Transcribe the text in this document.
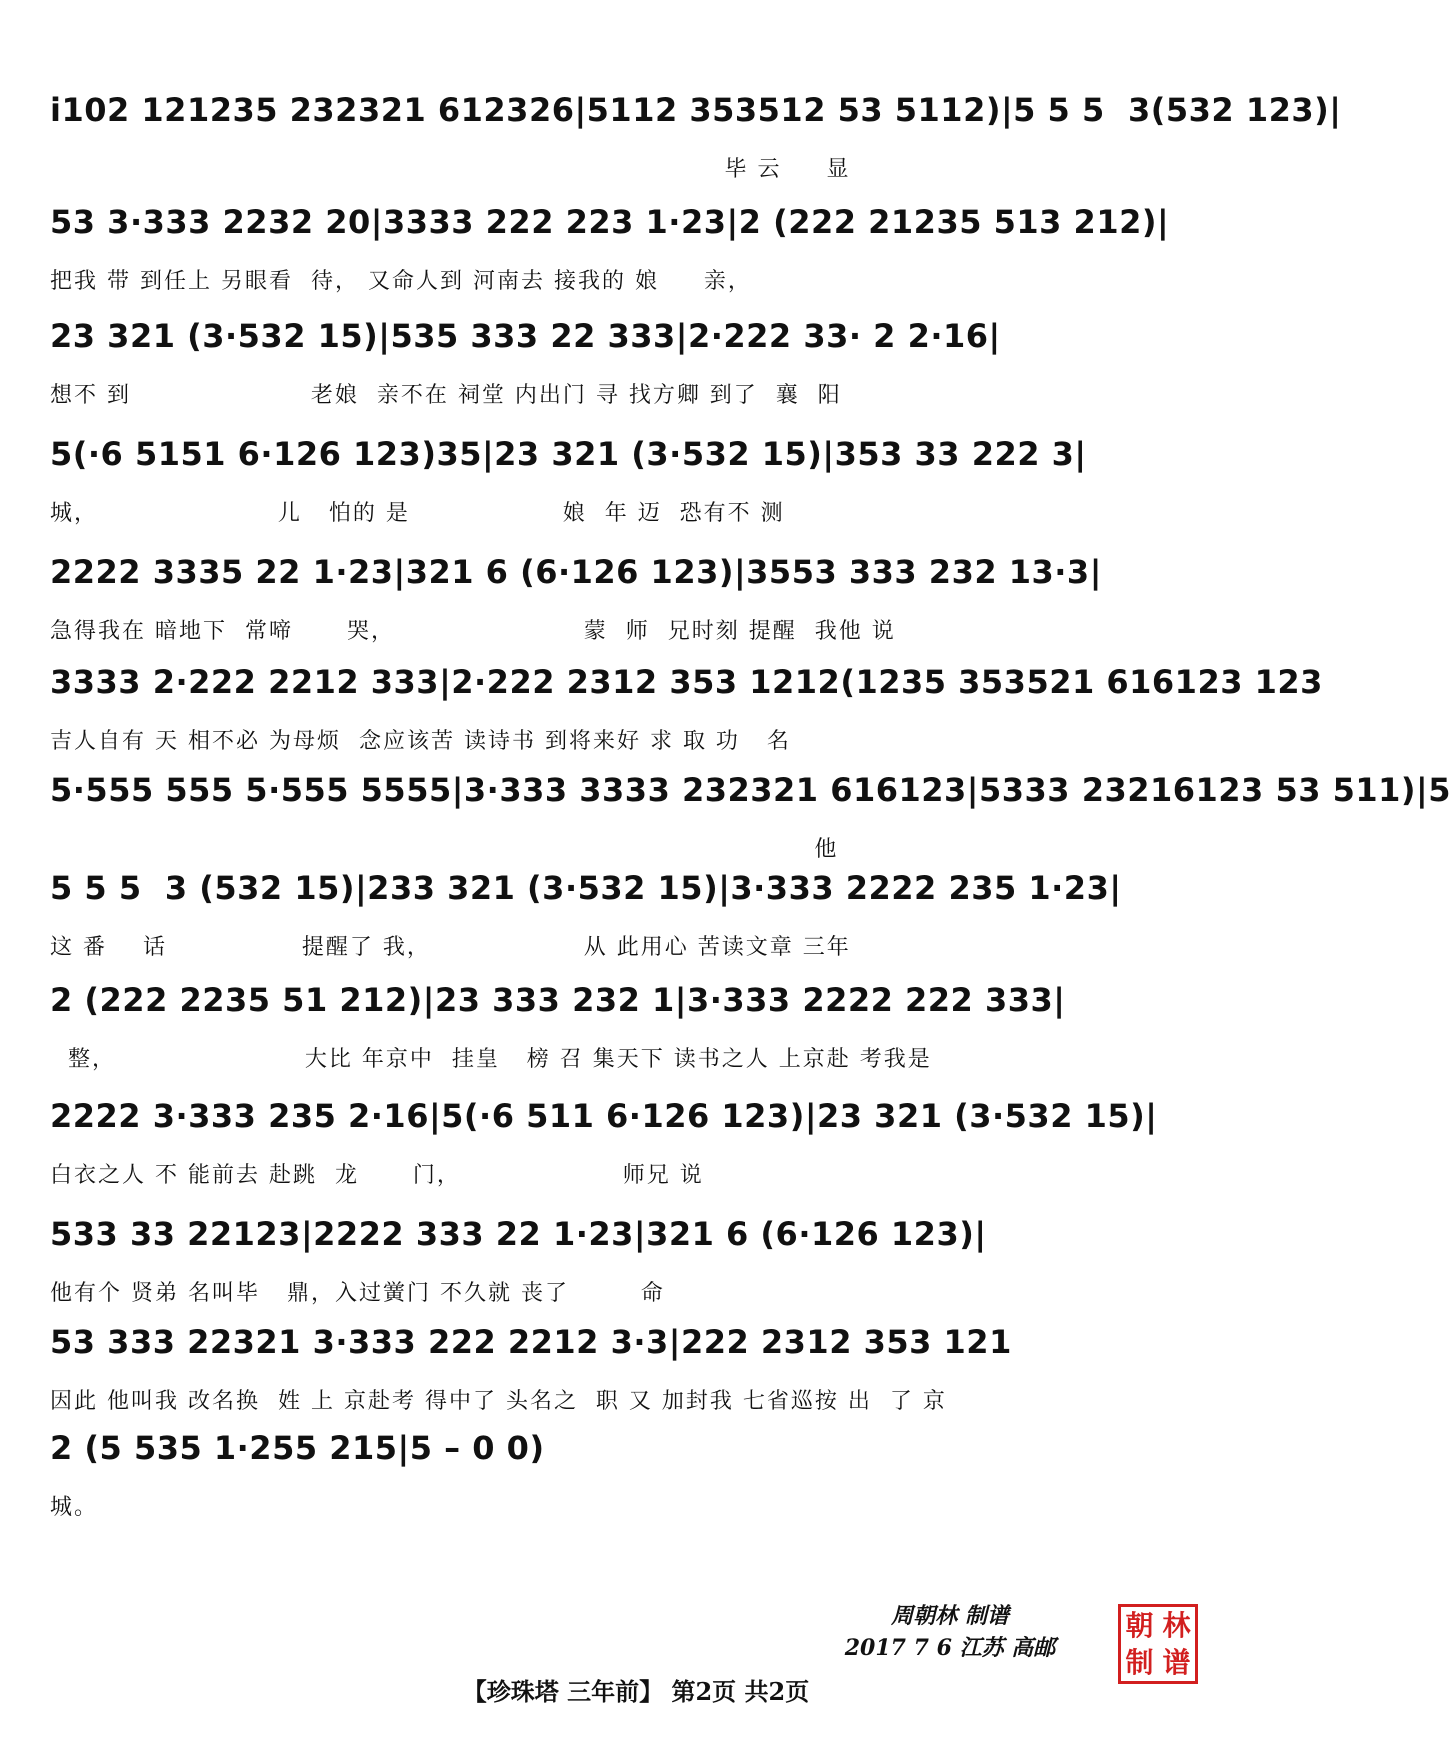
i102 121235 232321 612326|5112 353512 53 5112)|5 5 5  3(532 123)|
毕 云     显
53 3·333 2232 20|3333 222 223 1·23|2 (222 21235 513 212)|
把我 带 到任上 另眼看  待， 又命人到 河南去 接我的 娘     亲，
23 321 (3·532 15)|535 333 22 333|2·222 33· 2 2·16|
想不 到                    老娘  亲不在 祠堂 内出门 寻 找方卿 到了  襄  阳
5(·6 5151 6·126 123)35|23 321 (3·532 15)|353 33 222 3|
城，                    儿   怕的 是                 娘  年 迈  恐有不 测
2222 3335 22 1·23|321 6 (6·126 123)|3553 333 232 13·3|
急得我在 暗地下  常啼      哭，                     蒙  师  兄时刻 提醒  我他 说
3333 2·222 2212 333|2·222 2312 353 1212(1235 353521 616123 123
吉人自有 天 相不必 为母烦  念应该苦 读诗书 到将来好 求 取 功   名
5·555 555 5·555 5555|3·333 3333 232321 616123|5333 23216123 53 511)|5
他
5 5 5  3 (532 15)|233 321 (3·532 15)|3·333 2222 235 1·23|
这 番    话               提醒了 我，                 从 此用心 苦读文章 三年
2 (222 2235 51 212)|23 333 232 1|3·333 2222 222 333|
整，                     大比 年京中  挂皇   榜 召 集天下 读书之人 上京赴 考我是
2222 3·333 235 2·16|5(·6 511 6·126 123)|23 321 (3·532 15)|
白衣之人 不 能前去 赴跳  龙      门，                  师兄 说
533 33 22123|2222 333 22 1·23|321 6 (6·126 123)|
他有个 贤弟 名叫毕   鼎，入过黉门 不久就 丧了        命
53 333 22321 3·333 222 2212 3·3|222 2312 353 121
因此 他叫我 改名换  姓 上 京赴考 得中了 头名之  职 又 加封我 七省巡按 出  了 京
2 (5 535 1·255 215|5 – 0 0)
城。
周朝林 制谱
2017 7 6 江苏 高邮
朝 林
制 谱
【珍珠塔 三年前】 第2页 共2页
